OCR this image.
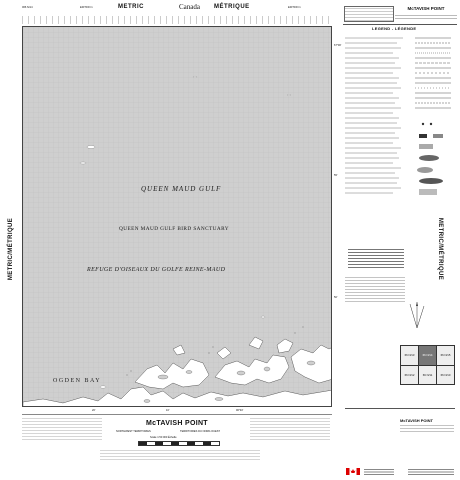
066 N/14	EDITION 1	METRIC	Canada MÉTRIQUE	EDITION 1
METRIC/MÉTRIQUE	METRIC/MÉTRIQUE
QUEEN MAUD GULF
QUEEN MAUD GULF BIRD SANCTUARY
REFUGE D'OISEAUX DU GOLFE REINE-MAUD
OGDEN BAY
20'	10'	96°40'
67°00'
55'
50'
McTAVISH POINT
NORTHWEST TERRITORIES	TERRITOIRES DU NORD-OUEST
Scale 1:50 000 Échelle
McTAVISH POINT
LEGEND - LÉGENDE
66 N/13	66 N/14	66 N/15
66 N/12	66 N/11	66 N/10
McTAVISH POINT
